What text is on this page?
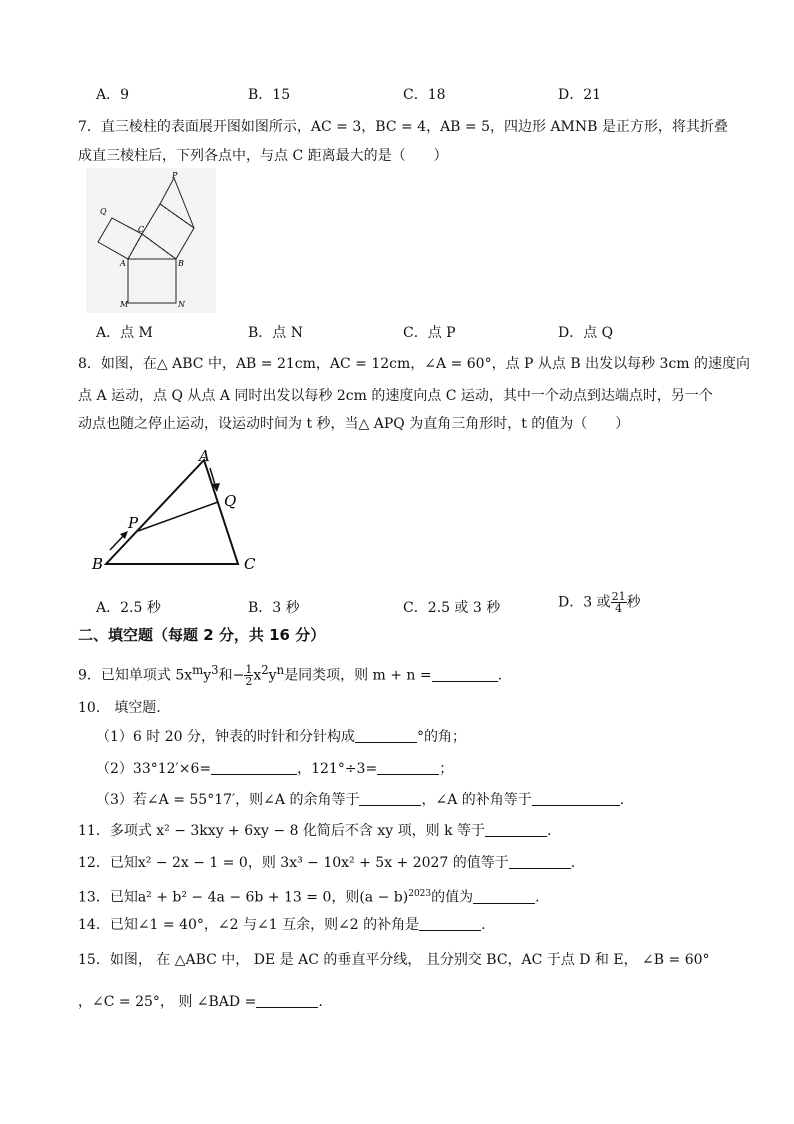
A．9	B．15	C．18	D．21
7．直三棱柱的表面展开图如图所示，AC = 3，BC = 4，AB = 5，四边形 AMNB 是正方形，将其折叠
成直三棱柱后，下列各点中，与点 C 距离最大的是（　　）
P
Q
C
A	B
M	N
A．点 M	B．点 N	C．点 P	D．点 Q
8．如图，在△ ABC 中，AB = 21cm，AC = 12cm，∠A = 60°，点 P 从点 B 出发以每秒 3cm 的速度向
点 A 运动，点 Q 从点 A 同时出发以每秒 2cm 的速度向点 C 运动，其中一个动点到达端点时，另一个
动点也随之停止运动，设运动时间为 t 秒，当△ APQ 为直角三角形时，t 的值为（　　）
A
B	C
P
Q
A．2.5 秒	B．3 秒	C．2.5 或 3 秒	D．3 或 $\frac{21}{4}$ 秒
二、填空题（每题 2 分，共 16 分）
9．已知单项式 $5x^my^3$和− $\frac{1}{2} x^2y^n$是同类项，则 m + n =	.
10.　填空题.
（1）6 时 20 分，钟表的时针和分针构成	°的角；
（2）33°12′×6=	，121°÷3=	；
（3）若∠A = 55°17′，则∠A 的余角等于	，∠A 的补角等于	.
11．多项式 x² − 3kxy + 6xy − 8 化简后不含 xy 项，则 k 等于	.
12．已知x² − 2x − 1 = 0，则 3x³ − 10x² + 5x + 2027 的值等于	.
13．已知a² + b² − 4a − 6b + 13 = 0，则$(a - b)^{2023}$的值为	.
14．已知∠1 = 40°，∠2 与∠1 互余，则∠2 的补角是	.
15．如图， 在 △ABC 中， DE 是 AC 的垂直平分线， 且分别交 BC，AC 于点 D 和 E， ∠B = 60°
，∠C = 25°， 则 ∠BAD =	.
